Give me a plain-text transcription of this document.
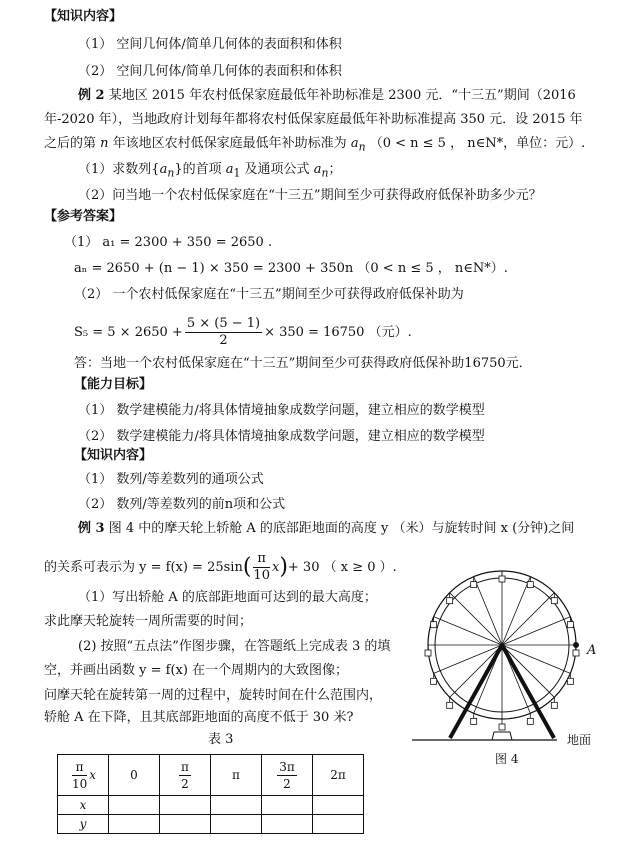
【知识内容】
（1） 空间几何体/简单几何体的表面积和体积
（2） 空间几何体/简单几何体的表面积和体积
例 2 某地区 2015 年农村低保家庭最低年补助标准是 2300 元．“十三五”期间（2016
年-2020 年），当地政府计划每年都将农村低保家庭最低年补助标准提高 350 元．设 2015 年
之后的第 n 年该地区农村低保家庭最低年补助标准为 $a_n$ （0 < n ≤ 5 ， n∈N*，单位：元）.
（1）求数列$\{a_n\}$的首项 $a_1$ 及通项公式 $a_n$；
（2）问当地一个农村低保家庭在“十三五”期间至少可获得政府低保补助多少元？
【参考答案】
（1） a₁ = 2300 + 350 = 2650 .
aₙ = 2650 + (n − 1) × 350 = 2300 + 350n （0 < n ≤ 5 ， n∈N*）.
（2） 一个农村低保家庭在“十三五”期间至少可获得政府低保补助为
$S_5 = 5 \times 2650 + \frac{5 \times (5 - 1)}{2} \times 350 = 16750$ （元）.
答：当地一个农村低保家庭在“十三五”期间至少可获得政府低保补助16750元．
【能力目标】
（1） 数学建模能力/将具体情境抽象成数学问题，建立相应的数学模型
（2） 数学建模能力/将具体情境抽象成数学问题，建立相应的数学模型
【知识内容】
（1） 数列/等差数列的通项公式
（2） 数列/等差数列的前n项和公式
例 3 图 4 中的摩天轮上轿舱 A 的底部距地面的高度 y （米）与旋转时间 x (分钟)之间
的关系可表示为 $y = f(x) = 25\sin( \frac{\pi}{10} x)+ 30$ （ x ≥ 0 ）.
（1）写出轿舱 A 的底部距地面可达到的最大高度；
求此摩天轮旋转一周所需要的时间；
(2) 按照“五点法”作图步骤，在答题纸上完成表 3 的填
空，并画出函数 y = f(x) 在一个周期内的大致图像；
问摩天轮在旋转第一周的过程中，旋转时间在什么范围内，
轿舱 A 在下降，且其底部距地面的高度不低于 30 米?
表 3
$\frac{\pi}{10}$ x	0	$\frac{\pi}{2}$	π	$\frac{3\pi}{2}$	2π
x					
y					
A
地面
图 4
